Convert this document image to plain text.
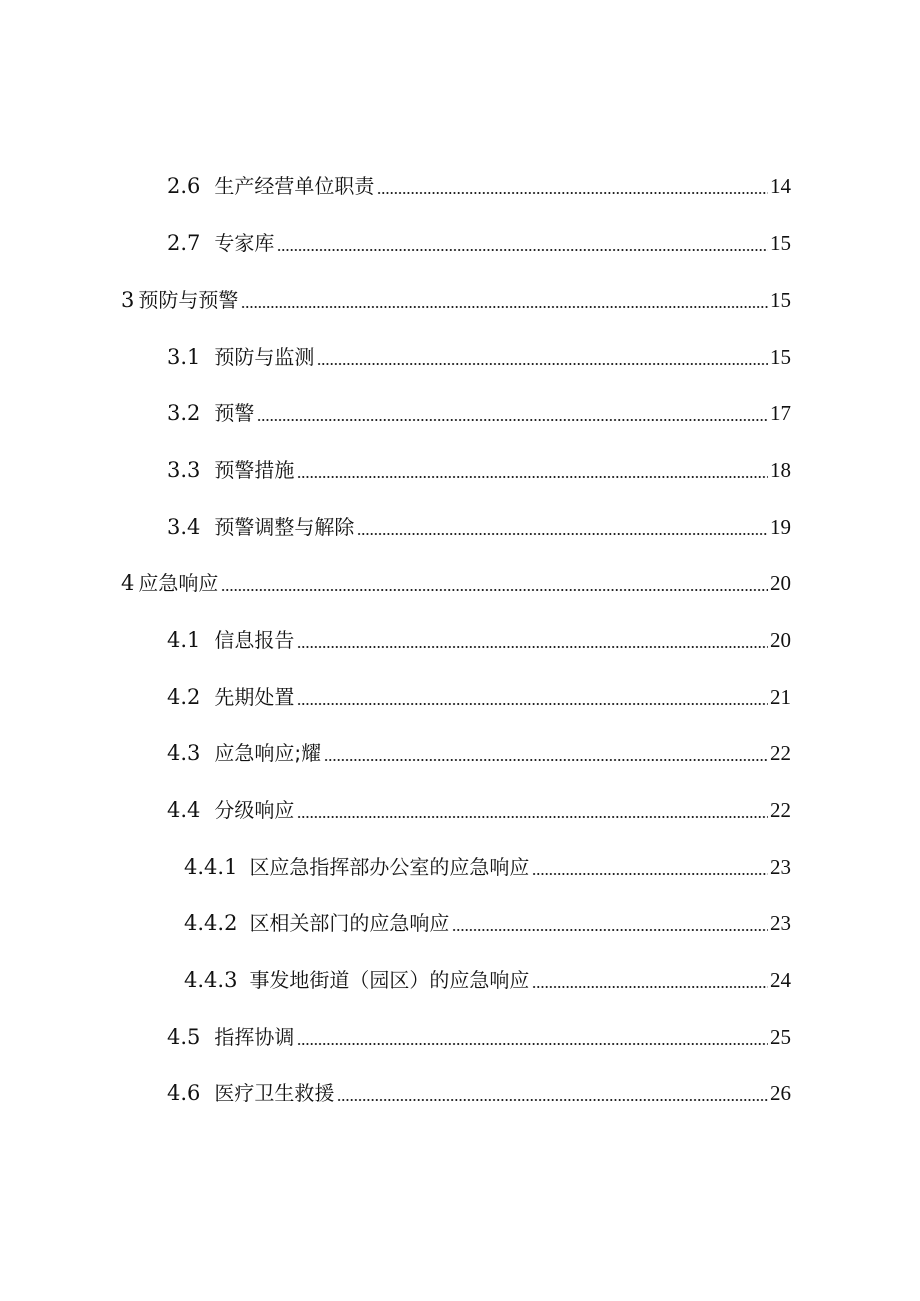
2.6 生产经营单位职责	14
2.7 专家库	15
3 预防与预警	15
3.1 预防与监测	15
3.2 预警	17
3.3 预警措施	18
3.4 预警调整与解除	19
4 应急响应	20
4.1 信息报告	20
4.2 先期处置	21
4.3 应急响应;耀	22
4.4 分级响应	22
4.4.1 区应急指挥部办公室的应急响应	23
4.4.2 区相关部门的应急响应	23
4.4.3 事发地街道（园区）的应急响应	24
4.5 指挥协调	25
4.6 医疗卫生救援	26
